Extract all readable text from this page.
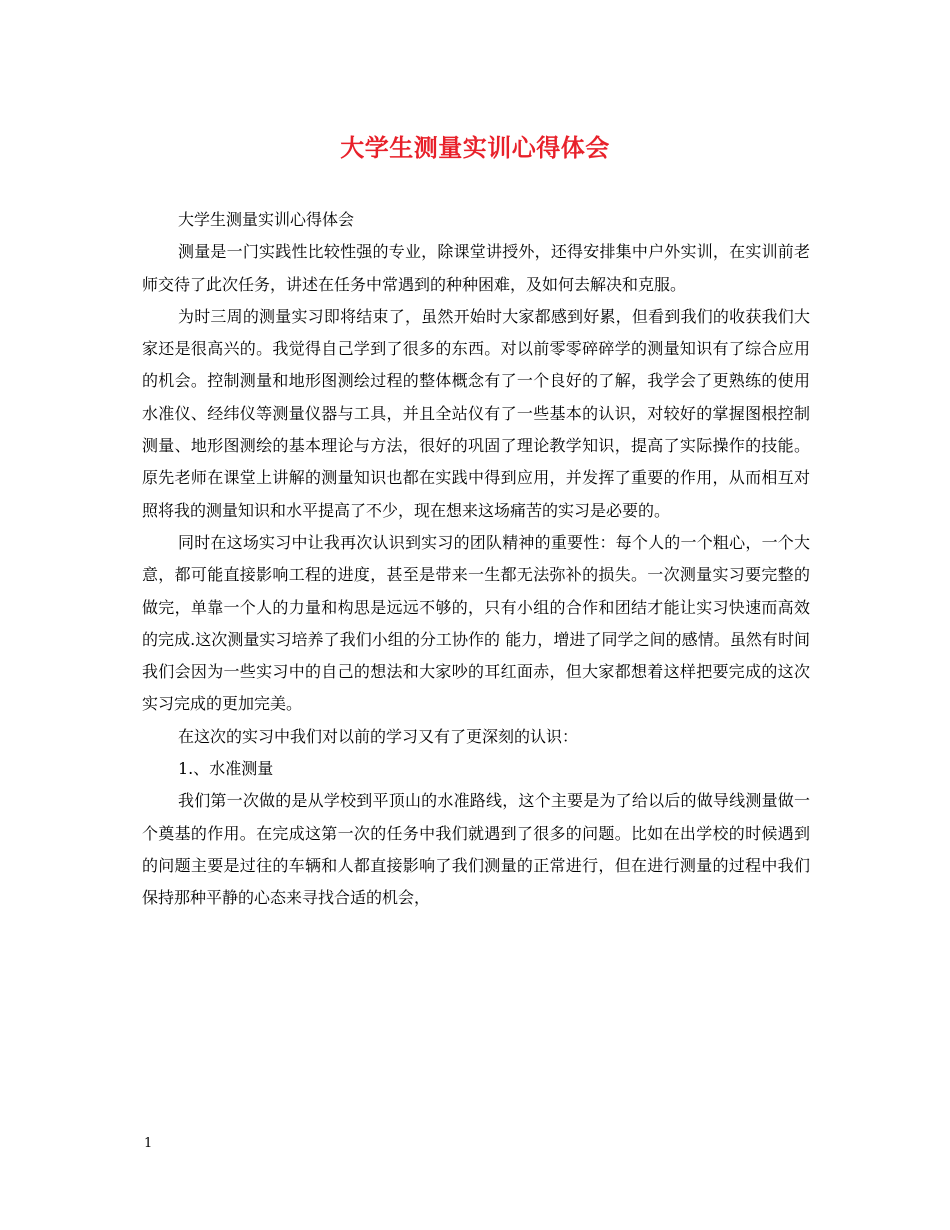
大学生测量实训心得体会

大学生测量实训心得体会

测量是一门实践性比较性强的专业，除课堂讲授外，还得安排集中户外实训，在实训前老师交待了此次任务，讲述在任务中常遇到的种种困难，及如何去解决和克服。

为时三周的测量实习即将结束了，虽然开始时大家都感到好累，但看到我们的收获我们大家还是很高兴的。我觉得自己学到了很多的东西。对以前零零碎碎学的测量知识有了综合应用的机会。控制测量和地形图测绘过程的整体概念有了一个良好的了解，我学会了更熟练的使用水准仪、经纬仪等测量仪器与工具，并且全站仪有了一些基本的认识，对较好的掌握图根控制测量、地形图测绘的基本理论与方法，很好的巩固了理论教学知识，提高了实际操作的技能。原先老师在课堂上讲解的测量知识也都在实践中得到应用，并发挥了重要的作用，从而相互对照将我的测量知识和水平提高了不少，现在想来这场痛苦的实习是必要的。

同时在这场实习中让我再次认识到实习的团队精神的重要性：每个人的一个粗心，一个大意，都可能直接影响工程的进度，甚至是带来一生都无法弥补的损失。一次测量实习要完整的做完，单靠一个人的力量和构思是远远不够的，只有小组的合作和团结才能让实习快速而高效的完成.这次测量实习培养了我们小组的分工协作的 能力，增进了同学之间的感情。虽然有时间我们会因为一些实习中的自己的想法和大家吵的耳红面赤，但大家都想着这样把要完成的这次实习完成的更加完美。

在这次的实习中我们对以前的学习又有了更深刻的认识：

1.、水准测量

我们第一次做的是从学校到平顶山的水准路线，这个主要是为了给以后的做导线测量做一个奠基的作用。在完成这第一次的任务中我们就遇到了很多的问题。比如在出学校的时候遇到的问题主要是过往的车辆和人都直接影响了我们测量的正常进行，但在进行测量的过程中我们保持那种平静的心态来寻找合适的机会，

1
